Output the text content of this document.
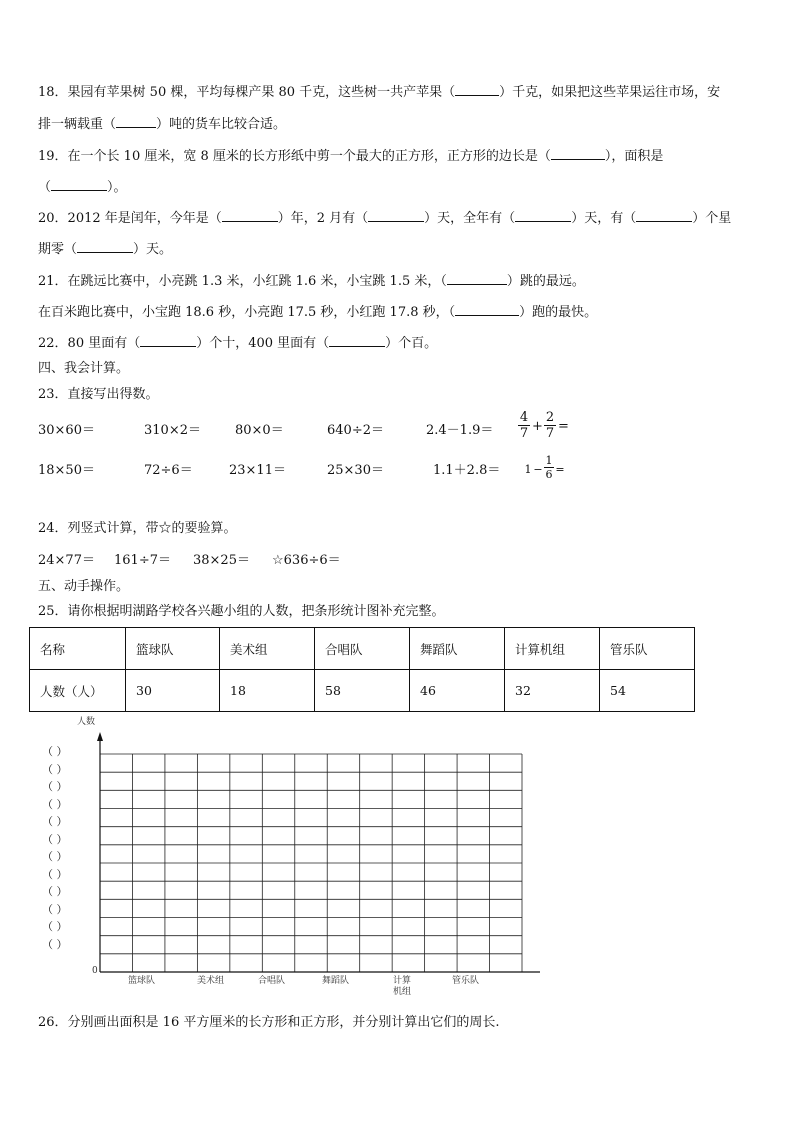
18．果园有苹果树 50 棵，平均每棵产果 80 千克，这些树一共产苹果（	）千克，如果把这些苹果运往市场，安
排一辆载重（	）吨的货车比较合适。
19．在一个长 10 厘米，宽 8 厘米的长方形纸中剪一个最大的正方形，正方形的边长是（	），面积是
（	）。
20．2012 年是闰年，今年是（	）年，2 月有（	）天，全年有（	）天，有（	）个星
期零（	）天。
21．在跳远比赛中，小亮跳 1.3 米，小红跳 1.6 米，小宝跳 1.5 米，（	）跳的最远。
在百米跑比赛中，小宝跑 18.6 秒，小亮跑 17.5 秒，小红跑 17.8 秒，（	）跑的最快。
22．80 里面有（	）个十，400 里面有（	）个百。
四、我会计算。
23．直接写出得数。
30×60＝	310×2＝	80×0＝	640÷2＝	$2.4-1.9= \frac{4}{7} + \frac{2}{7}$ =
18×50＝	72÷6＝	23×11＝	25×30＝	$1.1+2.8= 1 - \frac{1}{6}$ =
24．列竖式计算，带☆的要验算。
24×77＝ 161÷7＝ 38×25＝ ☆636÷6＝
五、动手操作。
25．请你根据明湖路学校各兴趣小组的人数，把条形统计图补充完整。
名称	篮球队	美术组	合唱队	舞蹈队	计算机组	管乐队
人数（人）	30	18	58	46	32	54
人数
（ ）
（ ）
（ ）
（ ）
（ ）
（ ）
（ ）
（ ）
（ ）
（ ）
（ ）
（ ）
0
篮球队	美术组	合唱队	舞蹈队	计算
机组
管乐队
26．分别画出面积是 16 平方厘米的长方形和正方形，并分别计算出它们的周长.
